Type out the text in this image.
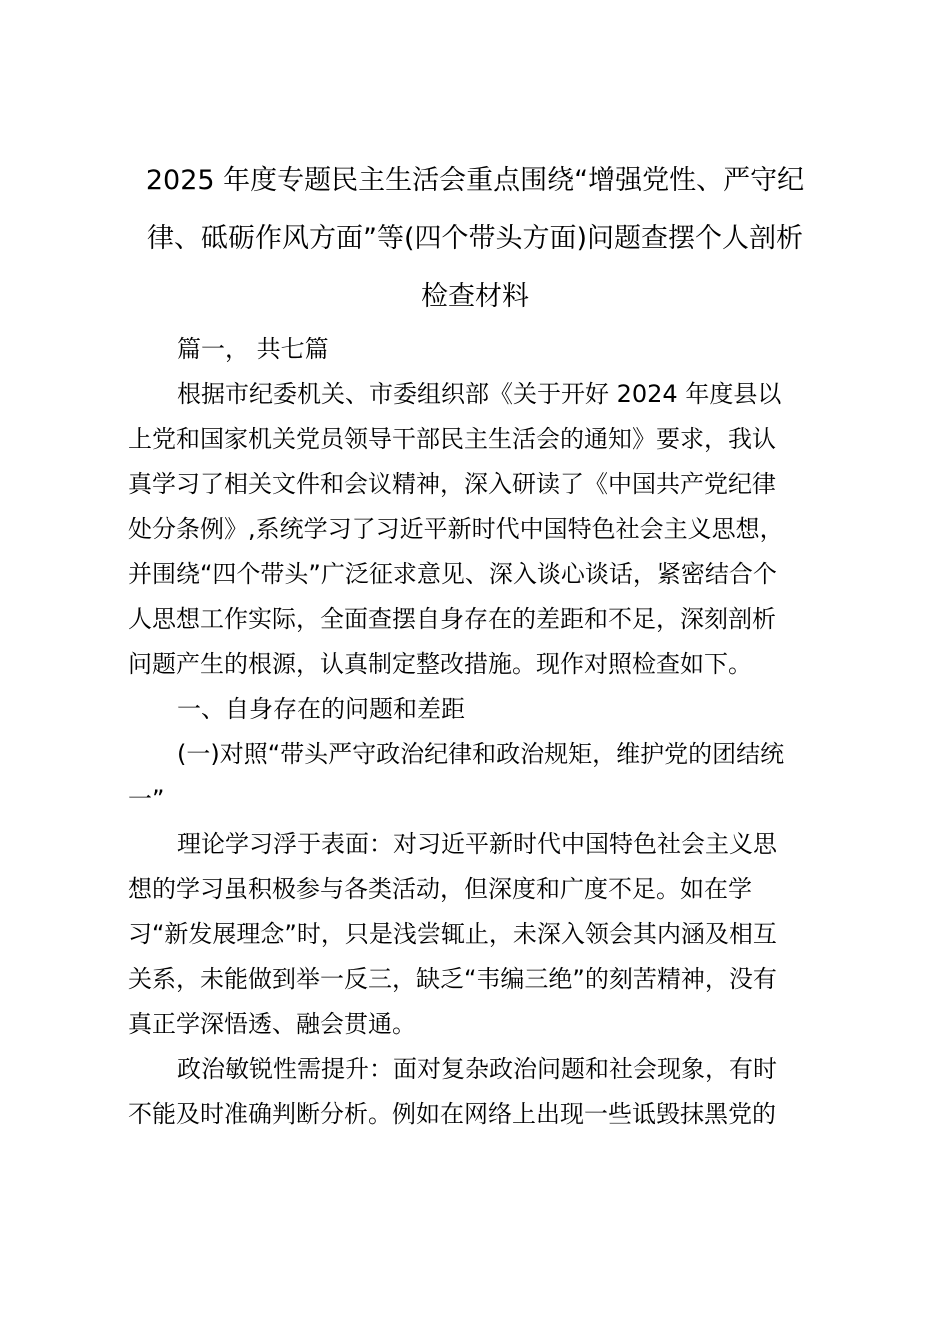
2025 年度专题民主生活会重点围绕“增强党性、严守纪
律、砥砺作风方面”等(四个带头方面)问题查摆个人剖析
检查材料
篇一， 共七篇
根据市纪委机关、市委组织部《关于开好 2024 年度县以
上党和国家机关党员领导干部民主生活会的通知》要求，我认
真学习了相关文件和会议精神，深入研读了《中国共产党纪律
处分条例》,系统学习了习近平新时代中国特色社会主义思想，
并围绕“四个带头”广泛征求意见、深入谈心谈话，紧密结合个
人思想工作实际，全面查摆自身存在的差距和不足，深刻剖析
问题产生的根源，认真制定整改措施。现作对照检查如下。
一、自身存在的问题和差距
(一)对照“带头严守政治纪律和政治规矩，维护党的团结统
一”
理论学习浮于表面：对习近平新时代中国特色社会主义思
想的学习虽积极参与各类活动，但深度和广度不足。如在学
习“新发展理念”时，只是浅尝辄止，未深入领会其内涵及相互
关系，未能做到举一反三，缺乏“韦编三绝”的刻苦精神，没有
真正学深悟透、融会贯通。
政治敏锐性需提升：面对复杂政治问题和社会现象，有时
不能及时准确判断分析。例如在网络上出现一些诋毁抹黑党的
